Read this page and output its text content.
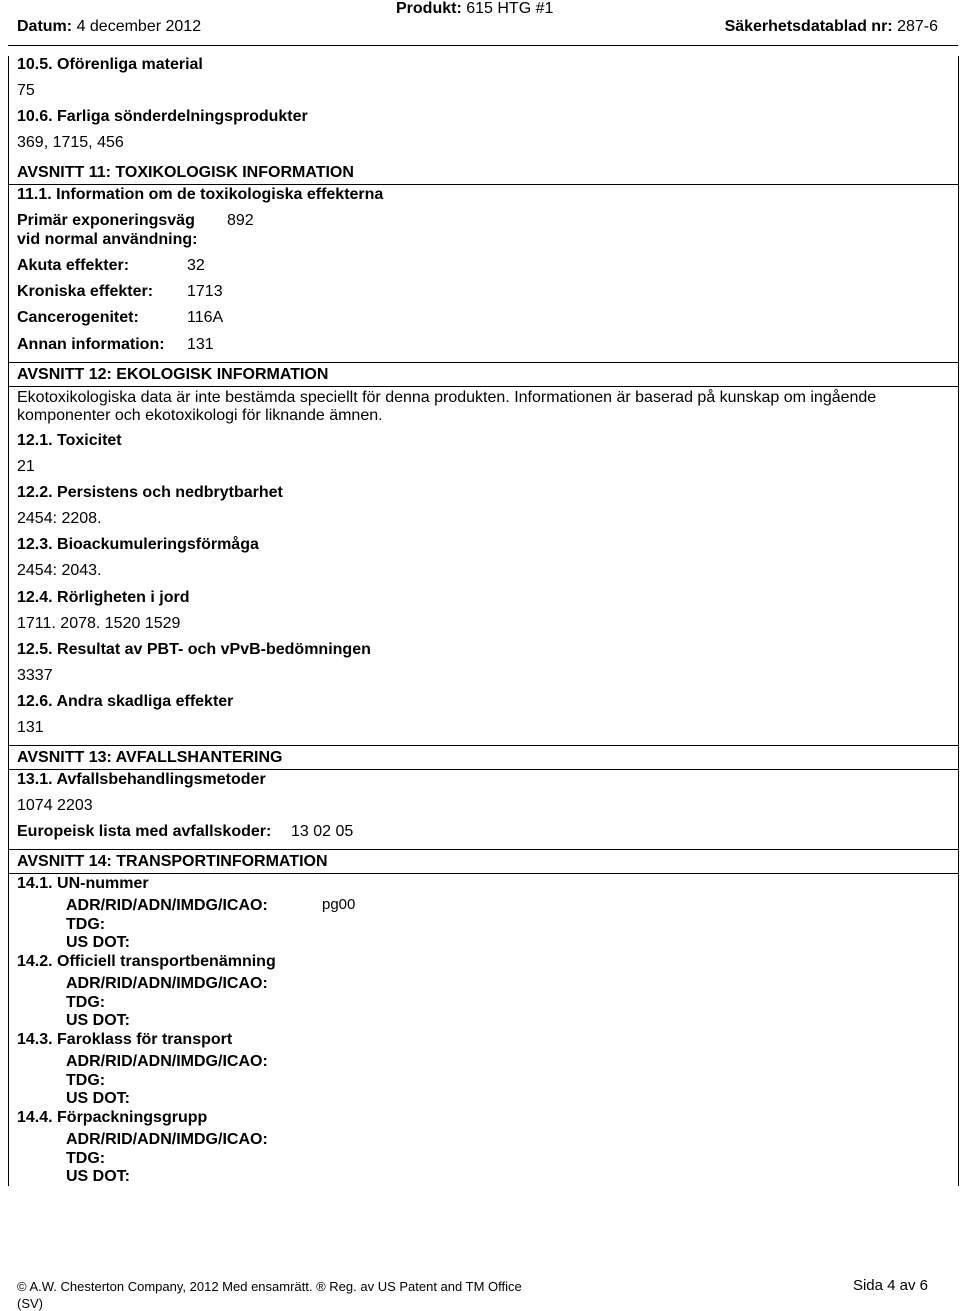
Datum: 4 december 2012
Produkt: 615 HTG #1
Säkerhetsdatablad nr: 287-6
10.5. Oförenliga material
75
10.6. Farliga sönderdelningsprodukter
369, 1715, 456
AVSNITT 11: TOXIKOLOGISK INFORMATION
11.1. Information om de toxikologiska effekterna
Primär exponeringsväg
vid normal användning:
892
Akuta effekter:	32
Kroniska effekter: 1713
Cancerogenitet:	116A
Annan information: 131
AVSNITT 12: EKOLOGISK INFORMATION
Ekotoxikologiska data är inte bestämda speciellt för denna produkten. Informationen är baserad på kunskap om ingående komponenter och ekotoxikologi för liknande ämnen.
12.1. Toxicitet
21
12.2. Persistens och nedbrytbarhet
2454: 2208.
12.3. Bioackumuleringsförmåga
2454: 2043.
12.4. Rörligheten i jord
1711. 2078. 1520 1529
12.5. Resultat av PBT- och vPvB-bedömningen
3337
12.6. Andra skadliga effekter
131
AVSNITT 13: AVFALLSHANTERING
13.1. Avfallsbehandlingsmetoder
1074 2203
Europeisk lista med avfallskoder: 13 02 05
AVSNITT 14: TRANSPORTINFORMATION
14.1. UN-nummer
ADR/RID/ADN/IMDG/ICAO:	pg00
TDG:
US DOT:
14.2. Officiell transportbenämning
ADR/RID/ADN/IMDG/ICAO:
TDG:
US DOT:
14.3. Faroklass för transport
ADR/RID/ADN/IMDG/ICAO:
TDG:
US DOT:
14.4. Förpackningsgrupp
ADR/RID/ADN/IMDG/ICAO:
TDG:
US DOT:
© A.W. Chesterton Company, 2012 Med ensamrätt. ® Reg. av US Patent and TM Office
(SV)
Sida 4 av 6
